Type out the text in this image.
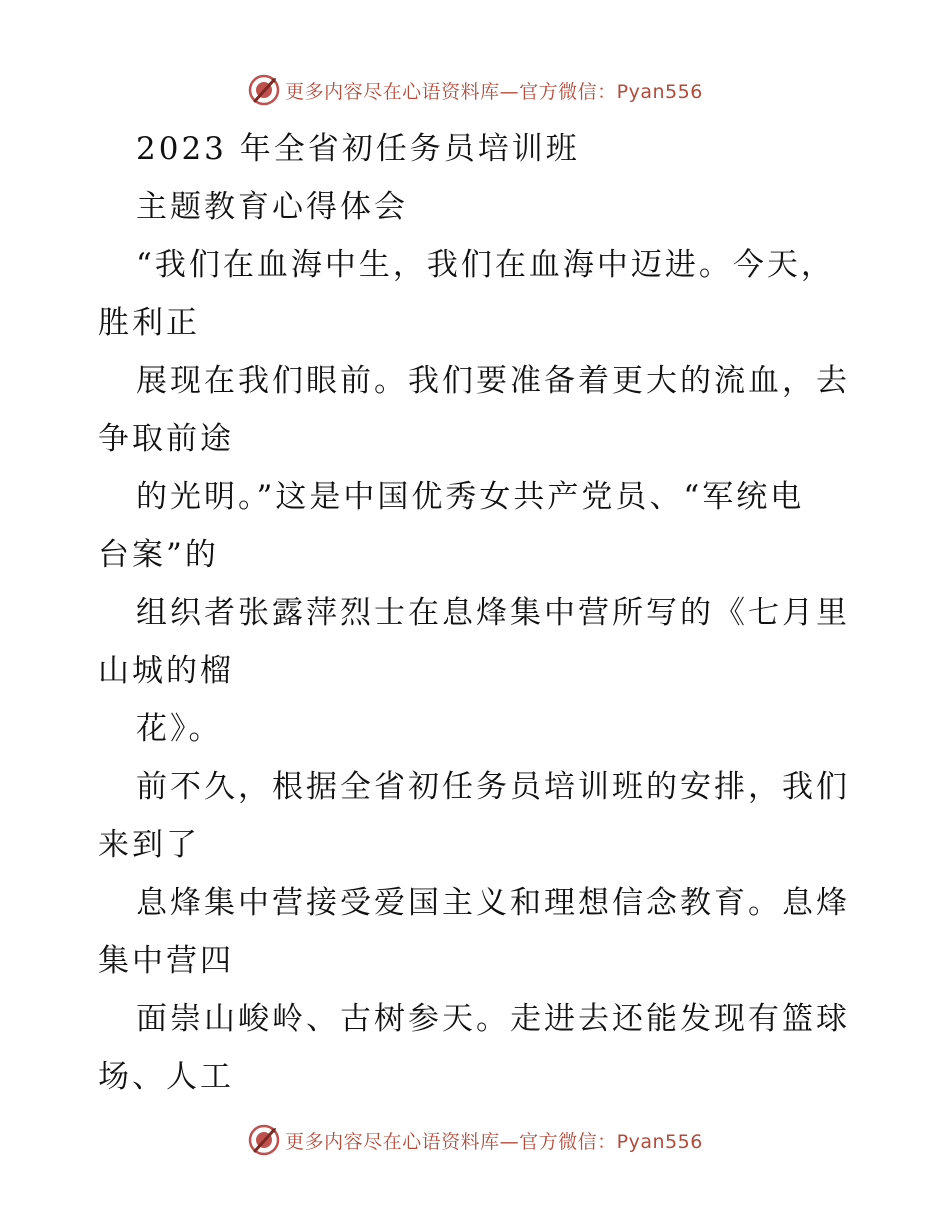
更多内容尽在心语资料库—官方微信：Pyan556
2023 年全省初任务员培训班
主题教育心得体会
“我们在血海中生，我们在血海中迈进。今天，
胜利正
展现在我们眼前。我们要准备着更大的流血，去
争取前途
的光明。”这是中国优秀女共产党员、“军统电
台案”的
组织者张露萍烈士在息烽集中营所写的《七月里
山城的榴
花》。
前不久，根据全省初任务员培训班的安排，我们
来到了
息烽集中营接受爱国主义和理想信念教育。息烽
集中营四
面崇山峻岭、古树参天。走进去还能发现有篮球
场、人工
更多内容尽在心语资料库—官方微信：Pyan556
